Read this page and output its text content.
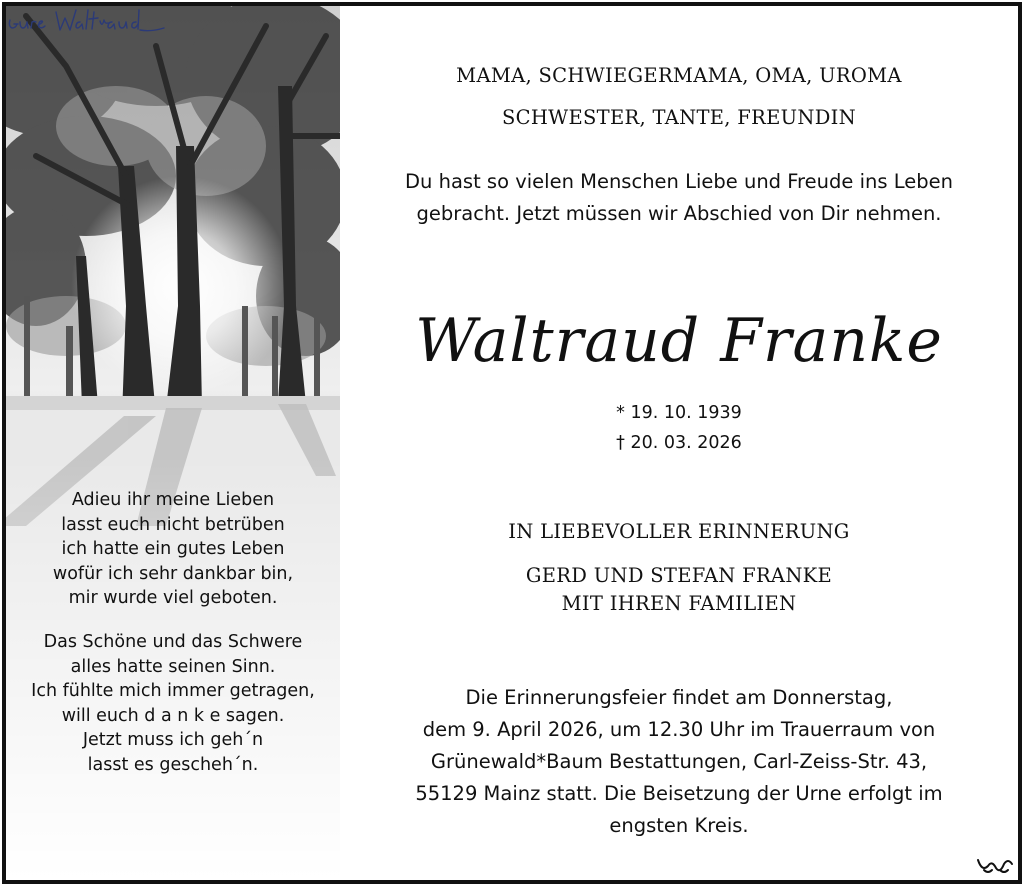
Adieu ihr meine Lieben
lasst euch nicht betrüben
ich hatte ein gutes Leben
wofür ich sehr dankbar bin,
mir wurde viel geboten.
Das Schöne und das Schwere
alles hatte seinen Sinn.
Ich fühlte mich immer getragen,
will euch d a n k e sagen.
Jetzt muss ich geh´n
lasst es gescheh´n.
MAMA, SCHWIEGERMAMA, OMA, UROMA
SCHWESTER, TANTE, FREUNDIN
Du hast so vielen Menschen Liebe und Freude ins Leben
gebracht. Jetzt müssen wir Abschied von Dir nehmen.
Waltraud Franke
* 19. 10. 1939
† 20. 03. 2026
IN LIEBEVOLLER ERINNERUNG
GERD UND STEFAN FRANKE
MIT IHREN FAMILIEN
Die Erinnerungsfeier findet am Donnerstag,
dem 9. April 2026, um 12.30 Uhr im Trauerraum von
Grünewald*Baum Bestattungen, Carl-Zeiss-Str. 43,
55129 Mainz statt. Die Beisetzung der Urne erfolgt im
engsten Kreis.
